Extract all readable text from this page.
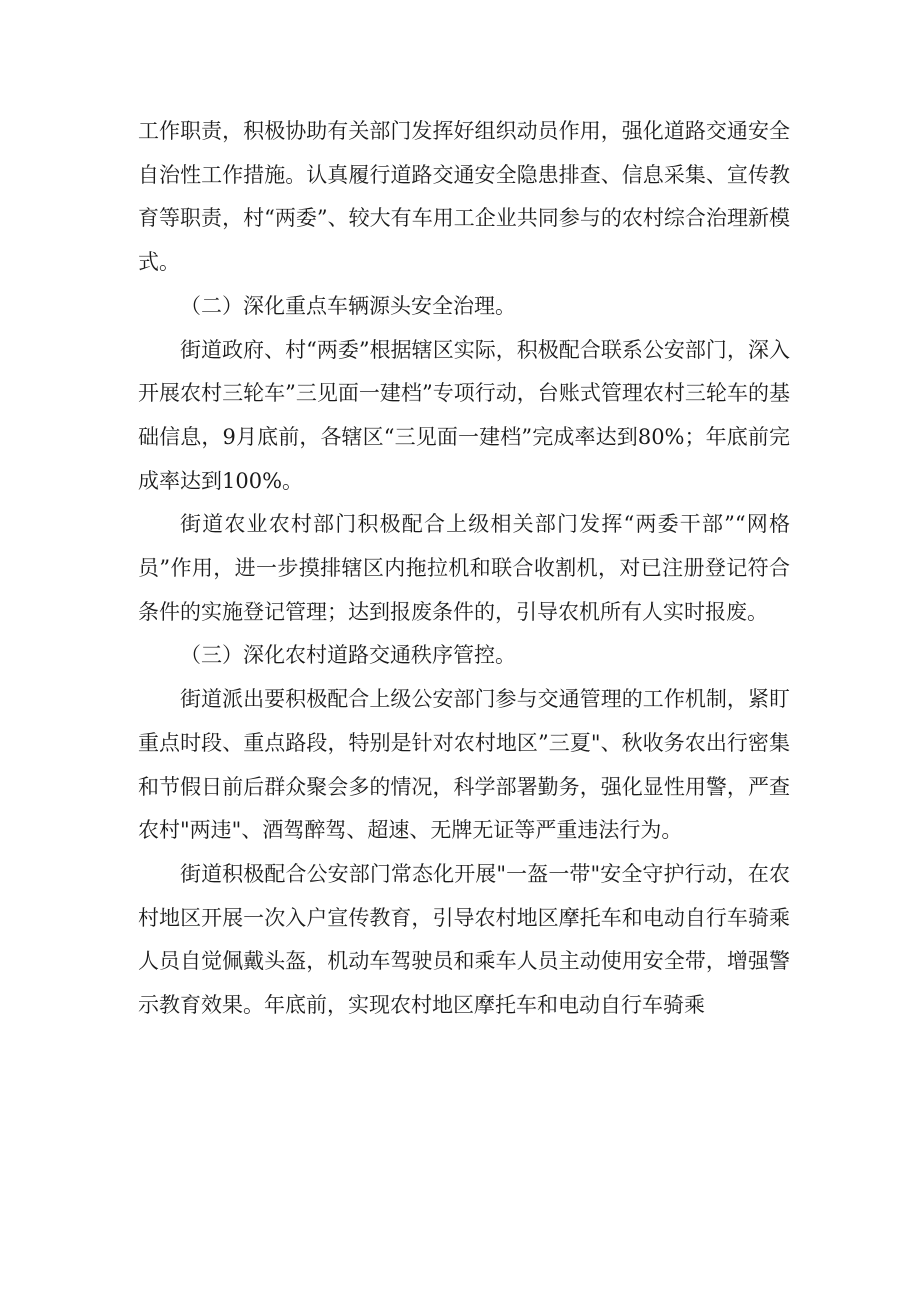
工作职责，积极协助有关部门发挥好组织动员作用，强化道路交通安全自治性工作措施。认真履行道路交通安全隐患排查、信息采集、宣传教育等职责，村“两委”、较大有车用工企业共同参与的农村综合治理新模式。

（二）深化重点车辆源头安全治理。

街道政府、村“两委”根据辖区实际，积极配合联系公安部门，深入开展农村三轮车”三见面一建档”专项行动，台账式管理农村三轮车的基础信息，9月底前，各辖区“三见面一建档”完成率达到80%；年底前完成率达到100%。

街道农业农村部门积极配合上级相关部门发挥“两委干部”“网格员”作用，进一步摸排辖区内拖拉机和联合收割机，对已注册登记符合条件的实施登记管理；达到报废条件的，引导农机所有人实时报废。

（三）深化农村道路交通秩序管控。

街道派出要积极配合上级公安部门参与交通管理的工作机制，紧盯重点时段、重点路段，特别是针对农村地区”三夏"、秋收务农出行密集和节假日前后群众聚会多的情况，科学部署勤务，强化显性用警，严查农村"两违"、酒驾醉驾、超速、无牌无证等严重违法行为。

街道积极配合公安部门常态化开展"一盔一带"安全守护行动，在农村地区开展一次入户宣传教育，引导农村地区摩托车和电动自行车骑乘人员自觉佩戴头盔，机动车驾驶员和乘车人员主动使用安全带，增强警示教育效果。年底前，实现农村地区摩托车和电动自行车骑乘
